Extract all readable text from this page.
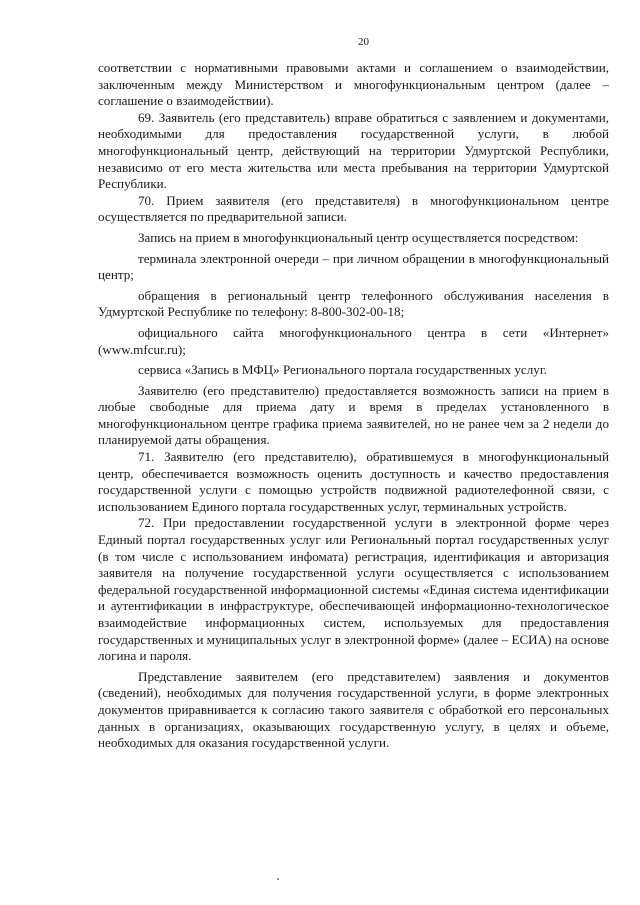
20

соответствии с нормативными правовыми актами и соглашением о взаимодействии, заключенным между Министерством и многофункциональным центром (далее – соглашение о взаимодействии).

69. Заявитель (его представитель) вправе обратиться с заявлением и документами, необходимыми для предоставления государственной услуги, в любой многофункциональный центр, действующий на территории Удмуртской Республики, независимо от его места жительства или места пребывания на территории Удмуртской Республики.

70. Прием заявителя (его представителя) в многофункциональном центре осуществляется по предварительной записи.

Запись на прием в многофункциональный центр осуществляется посредством:

терминала электронной очереди – при личном обращении в многофункциональный центр;

обращения в региональный центр телефонного обслуживания населения в Удмуртской Республике по телефону: 8-800-302-00-18;

официального сайта многофункционального центра в сети «Интернет» (www.mfcur.ru);

сервиса «Запись в МФЦ» Регионального портала государственных услуг.

Заявителю (его представителю) предоставляется возможность записи на прием в любые свободные для приема дату и время в пределах установленного в многофункциональном центре графика приема заявителей, но не ранее чем за 2 недели до планируемой даты обращения.

71. Заявителю (его представителю), обратившемуся в многофункциональный центр, обеспечивается возможность оценить доступность и качество предоставления государственной услуги с помощью устройств подвижной радиотелефонной связи, с использованием Единого портала государственных услуг, терминальных устройств.

72. При предоставлении государственной услуги в электронной форме через Единый портал государственных услуг или Региональный портал государственных услуг (в том числе с использованием инфомата) регистрация, идентификация и авторизация заявителя на получение государственной услуги осуществляется с использованием федеральной государственной информационной системы «Единая система идентификации и аутентификации в инфраструктуре, обеспечивающей информационно-технологическое взаимодействие информационных систем, используемых для предоставления государственных и муниципальных услуг в электронной форме» (далее – ЕСИА) на основе логина и пароля.

Представление заявителем (его представителем) заявления и документов (сведений), необходимых для получения государственной услуги, в форме электронных документов приравнивается к согласию такого заявителя с обработкой его персональных данных в организациях, оказывающих государственную услугу, в целях и объеме, необходимых для оказания государственной услуги.
